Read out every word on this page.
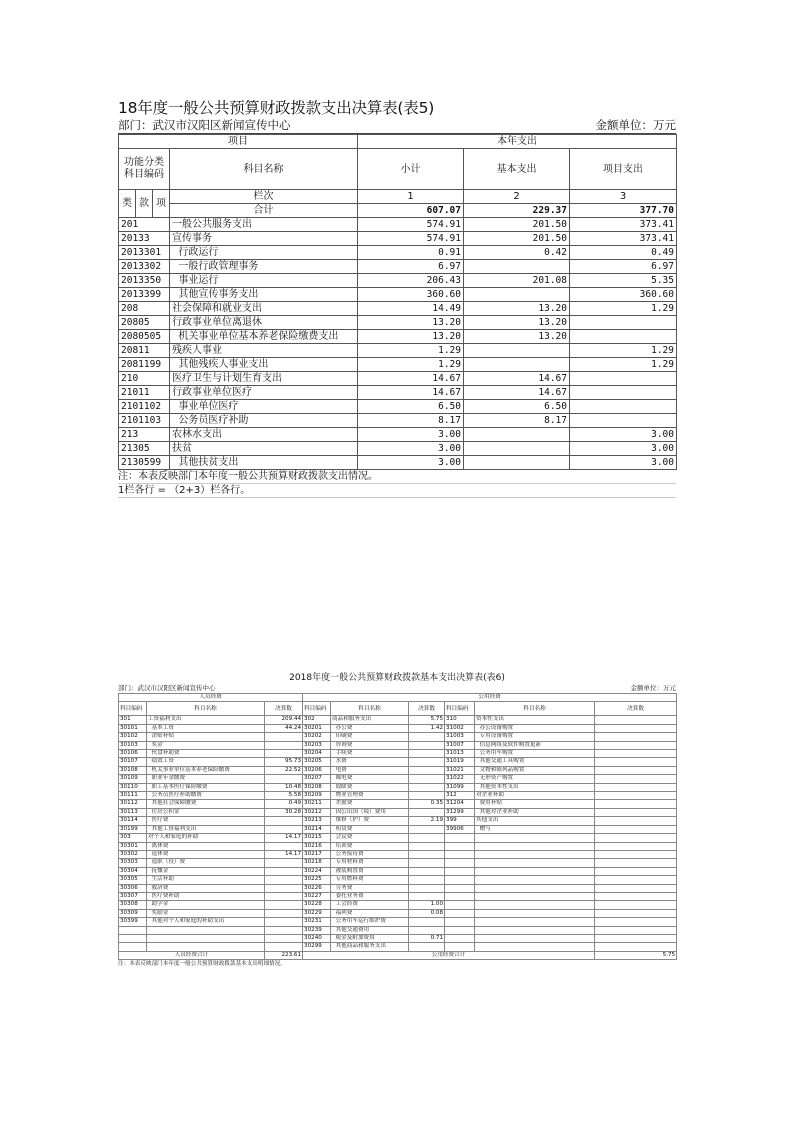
18年度一般公共预算财政拨款支出决算表(表5)
部门：武汉市汉阳区新闻宣传中心	金额单位：万元
项目				本年支出		
功能分类科目编码			科目名称	小计	基本支出	项目支出
类	款	项	栏次	1	2	3
			合计	607.07	229.37	377.70
201			一般公共服务支出	574.91	201.50	373.41
20133			宣传事务	574.91	201.50	373.41
2013301			行政运行	0.91	0.42	0.49
2013302			一般行政管理事务	6.97		6.97
2013350			事业运行	206.43	201.08	5.35
2013399			其他宣传事务支出	360.60		360.60
208			社会保障和就业支出	14.49	13.20	1.29
20805			行政事业单位离退休	13.20	13.20	
2080505			机关事业单位基本养老保险缴费支出	13.20	13.20	
20811			残疾人事业	1.29		1.29
2081199			其他残疾人事业支出	1.29		1.29
210			医疗卫生与计划生育支出	14.67	14.67	
21011			行政事业单位医疗	14.67	14.67	
2101102			事业单位医疗	6.50	6.50	
2101103			公务员医疗补助	8.17	8.17	
213			农林水支出	3.00		3.00
21305			扶贫	3.00		3.00
2130599			其他扶贫支出	3.00		3.00
注：本表反映部门本年度一般公共预算财政拨款支出情况。
1栏各行 = （2+3）栏各行。
2018年度一般公共预算财政拨款基本支出决算表(表6)
部门：武汉市汉阳区新闻宣传中心	金额单位：万元
人员经费			公用经费					
科目编码	科目名称	决算数	科目编码	科目名称	决算数	科目编码	科目名称	决算数
301	工资福利支出	209.44	302	商品和服务支出	5.75	310	资本性支出	
30101	基本工资	44.24	30201	办公费	1.42	31002	办公设备购置	
30102	津贴补贴		30202	印刷费		31003	专用设备购置	
30103	奖金		30203	咨询费		31007	信息网络及软件购置更新	
30106	伙食补助费		30204	手续费		31013	公务用车购置	
30107	绩效工资	95.73	30205	水费		31019	其他交通工具购置	
30108	机关事业单位基本养老保险缴费	22.52	30206	电费		31021	文物和陈列品购置	
30109	职业年金缴费		30207	邮电费		31022	无形资产购置	
30110	职工基本医疗保险缴费	10.48	30208	取暖费		31099	其他资本性支出	
30111	公务员医疗补助缴费	5.58	30209	物业管理费		312	对企业补助	
30112	其他社会保障缴费	0.49	30211	差旅费	0.35	31204	费用补贴	
30113	住房公积金	30.28	30212	因公出国（境）费用		31299	其他对企业补助	
30114	医疗费		30213	维修（护）费	2.19	399	其他支出	
30199	其他工资福利支出		30214	租赁费		39906	赠与	
303	对个人和家庭的补助	14.17	30215	会议费				
30301	离休费		30216	培训费				
30302	退休费	14.17	30217	公务接待费				
30303	退职（役）费		30218	专用材料费				
30304	抚恤金		30224	被装购置费				
30305	生活补助		30225	专用燃料费				
30306	救济费		30226	劳务费				
30307	医疗费补助		30227	委托业务费				
30308	助学金		30228	工会经费	1.00			
30309	奖励金		30229	福利费	0.08			
30399	其他对个人和家庭的补助支出		30231	公务用车运行维护费				
			30239	其他交通费用				
			30240	税金及附加费用	0.71			
			30299	其他商品和服务支出				
人员经费合计		223.61	公用经费合计					5.75
注：本表反映部门本年度一般公共预算财政拨款基本支出明细情况。
